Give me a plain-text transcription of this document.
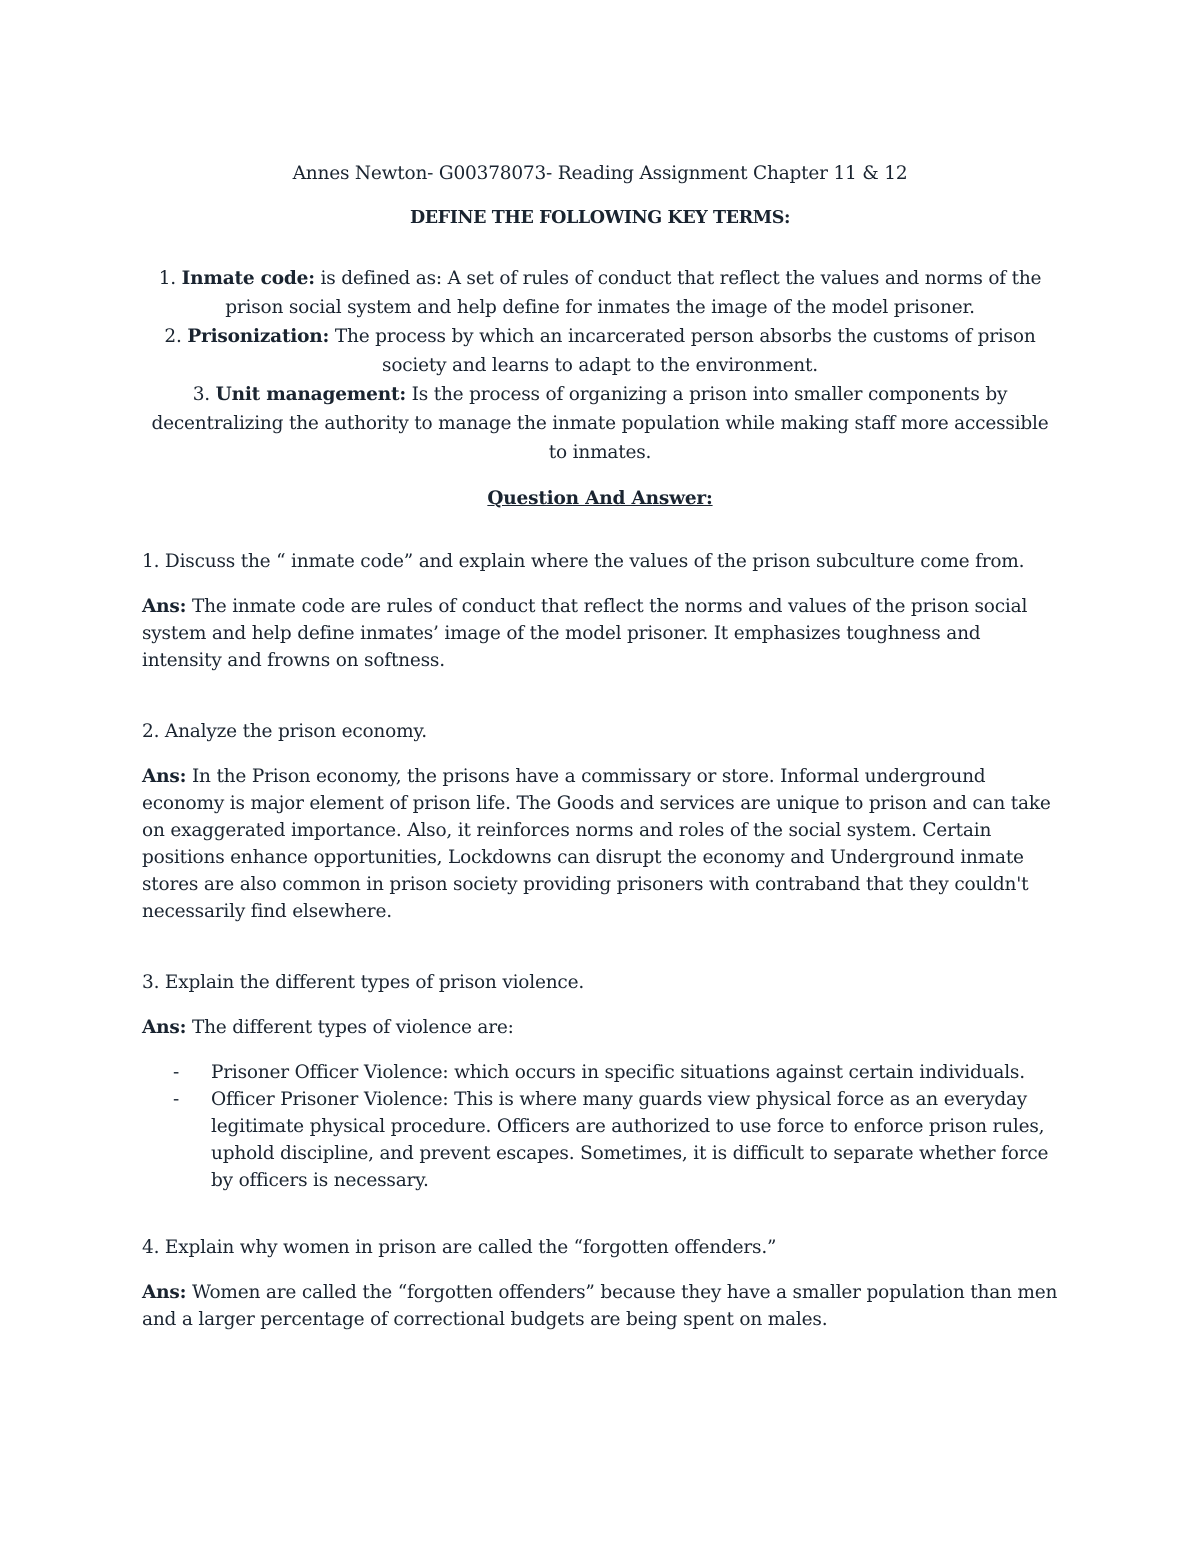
Annes Newton- G00378073- Reading Assignment Chapter 11 & 12

DEFINE THE FOLLOWING KEY TERMS:

1. Inmate code: is defined as: A set of rules of conduct that reflect the values and norms of the prison social system and help define for inmates the image of the model prisoner.
2. Prisonization: The process by which an incarcerated person absorbs the customs of prison society and learns to adapt to the environment.
3. Unit management: Is the process of organizing a prison into smaller components by decentralizing the authority to manage the inmate population while making staff more accessible to inmates.

Question And Answer:

1. Discuss the “ inmate code” and explain where the values of the prison subculture come from.

Ans: The inmate code are rules of conduct that reflect the norms and values of the prison social system and help define inmates’ image of the model prisoner. It emphasizes toughness and intensity and frowns on softness.

2. Analyze the prison economy.

Ans: In the Prison economy, the prisons have a commissary or store. Informal underground economy is major element of prison life. The Goods and services are unique to prison and can take on exaggerated importance. Also, it reinforces norms and roles of the social system. Certain positions enhance opportunities, Lockdowns can disrupt the economy and Underground inmate stores are also common in prison society providing prisoners with contraband that they couldn't necessarily find elsewhere.

3. Explain the different types of prison violence.

Ans: The different types of violence are:

- Prisoner Officer Violence: which occurs in specific situations against certain individuals.
- Officer Prisoner Violence: This is where many guards view physical force as an everyday legitimate physical procedure. Officers are authorized to use force to enforce prison rules, uphold discipline, and prevent escapes. Sometimes, it is difficult to separate whether force by officers is necessary.

4. Explain why women in prison are called the “forgotten offenders.”

Ans: Women are called the “forgotten offenders” because they have a smaller population than men and a larger percentage of correctional budgets are being spent on males.
